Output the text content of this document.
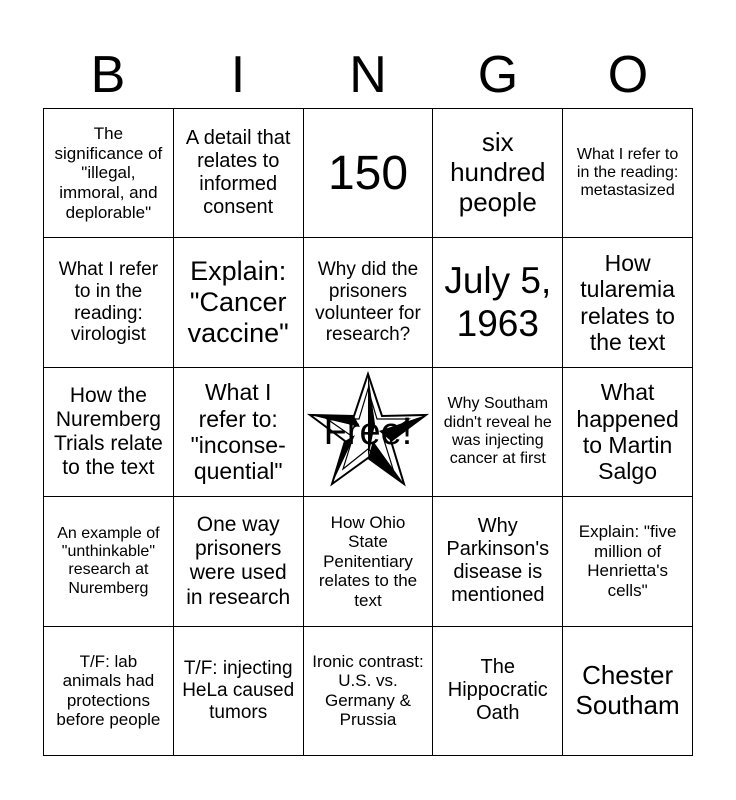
B	I	N	G	O
The significance of "illegal, immoral, and deplorable"
A detail that relates to informed consent
150
six hundred people
What I refer to in the reading: metastasized
What I refer to in the reading: virologist
Explain: "Cancer vaccine"
Why did the prisoners volunteer for research?
July 5, 1963
How tularemia relates to the text
How the Nuremberg Trials relate to the text
What I refer to: "inconse-quential"
Free!
Why Southam didn't reveal he was injecting cancer at first
What happened to Martin Salgo
An example of "unthinkable" research at Nuremberg
One way prisoners were used in research
How Ohio State Penitentiary relates to the text
Why Parkinson's disease is mentioned
Explain: "five million of Henrietta's cells"
T/F: lab animals had protections before people
T/F: injecting HeLa caused tumors
Ironic contrast: U.S. vs. Germany & Prussia
The Hippocratic Oath
Chester Southam
